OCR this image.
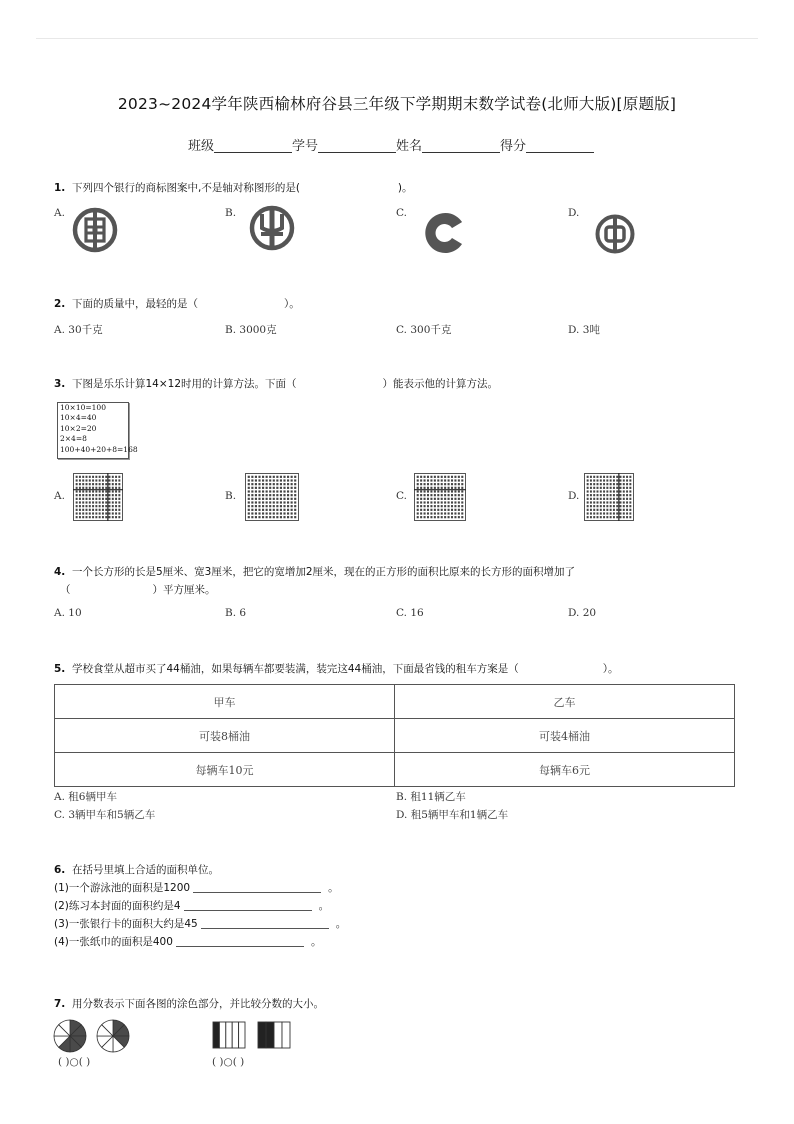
2023~2024学年陕西榆林府谷县三年级下学期期末数学试卷(北师大版)[原题版]
班级	学号	姓名	得分
1. 下列四个银行的商标图案中,不是轴对称图形的是(	)。
A.	B.	C.	D.
2. 下面的质量中，最轻的是（	）。
A. 30千克	B. 3000克	C. 300千克	D. 3吨
3. 下图是乐乐计算14×12时用的计算方法。下面（	）能表示他的计算方法。
10×10=100
10×4=40
10×2=20
2×4=8
100+40+20+8=168
A.	B.	C.	D.
4. 一个长方形的长是5厘米、宽3厘米，把它的宽增加2厘米，现在的正方形的面积比原来的长方形的面积增加了
（	）平方厘米。
A. 10	B. 6	C. 16	D. 20
5. 学校食堂从超市买了44桶油，如果每辆车都要装满，装完这44桶油，下面最省钱的租车方案是（	）。
甲车	乙车
可装8桶油	可装4桶油
每辆车10元	每辆车6元
A. 租6辆甲车	B. 租11辆乙车
C. 3辆甲车和5辆乙车	D. 租5辆甲车和1辆乙车
6. 在括号里填上合适的面积单位。
(1)一个游泳池的面积是1200	。
(2)练习本封面的面积约是4	。
(3)一张银行卡的面积大约是45	。
(4)一张纸巾的面积是400	。
7. 用分数表示下面各图的涂色部分，并比较分数的大小。
( )○( )	( )○( )
